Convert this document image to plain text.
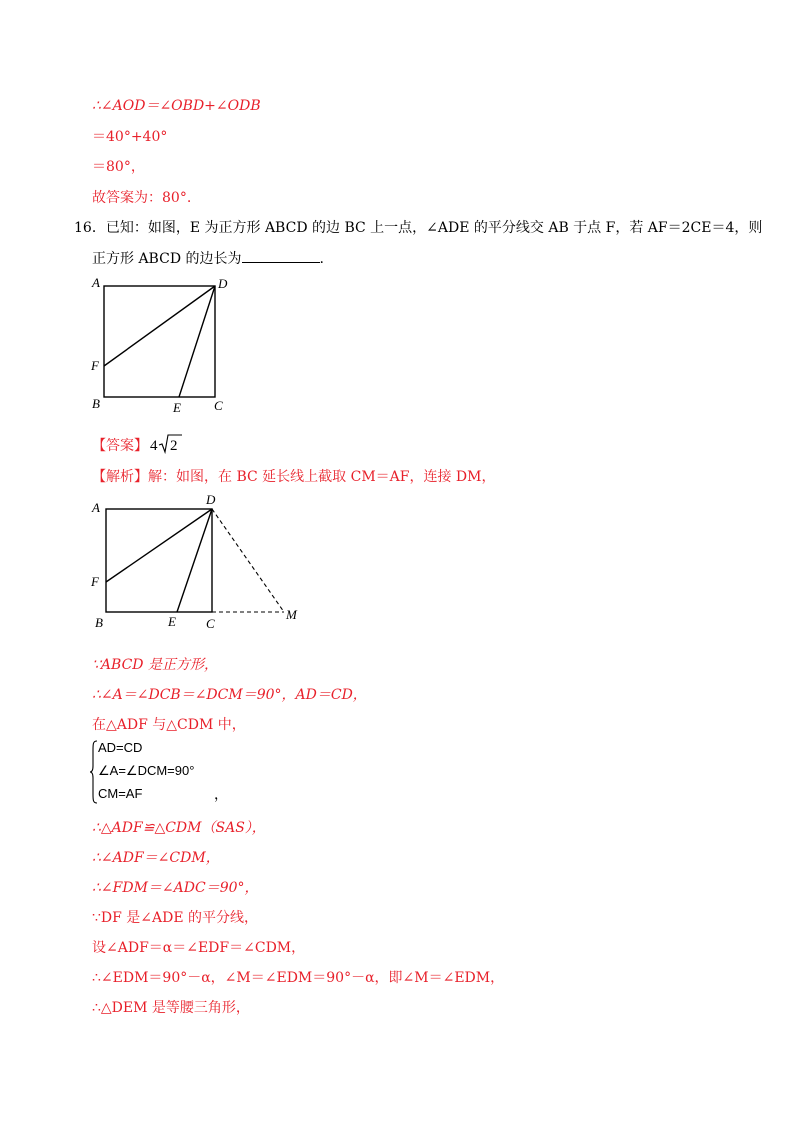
∴∠AOD＝∠OBD+∠ODB
＝40°+40°
＝80°，
故答案为：80°.
16．已知：如图，E 为正方形 ABCD 的边 BC 上一点，∠ADE 的平分线交 AB 于点 F，若 AF＝2CE＝4，则
正方形 ABCD 的边长为	.
A	D
F
B	E	C
【答案】 4 2
【解析】解：如图，在 BC 延长线上截取 CM＝AF，连接 DM，
A
D
F
B	E C
M
∵ABCD 是正方形，
∴∠A＝∠DCB＝∠DCM＝90°，AD＝CD，
在△ADF 与△CDM 中，
AD=CD
∠A=∠DCM=90°
CM=AF	，
∴△ADF≌△CDM（SAS），
∴∠ADF＝∠CDM，
∴∠FDM＝∠ADC＝90°，
∵DF 是∠ADE 的平分线，
设∠ADF＝α＝∠EDF＝∠CDM，
∴∠EDM＝90°－α，∠M＝∠EDM＝90°－α，即∠M＝∠EDM，
∴△DEM 是等腰三角形，
